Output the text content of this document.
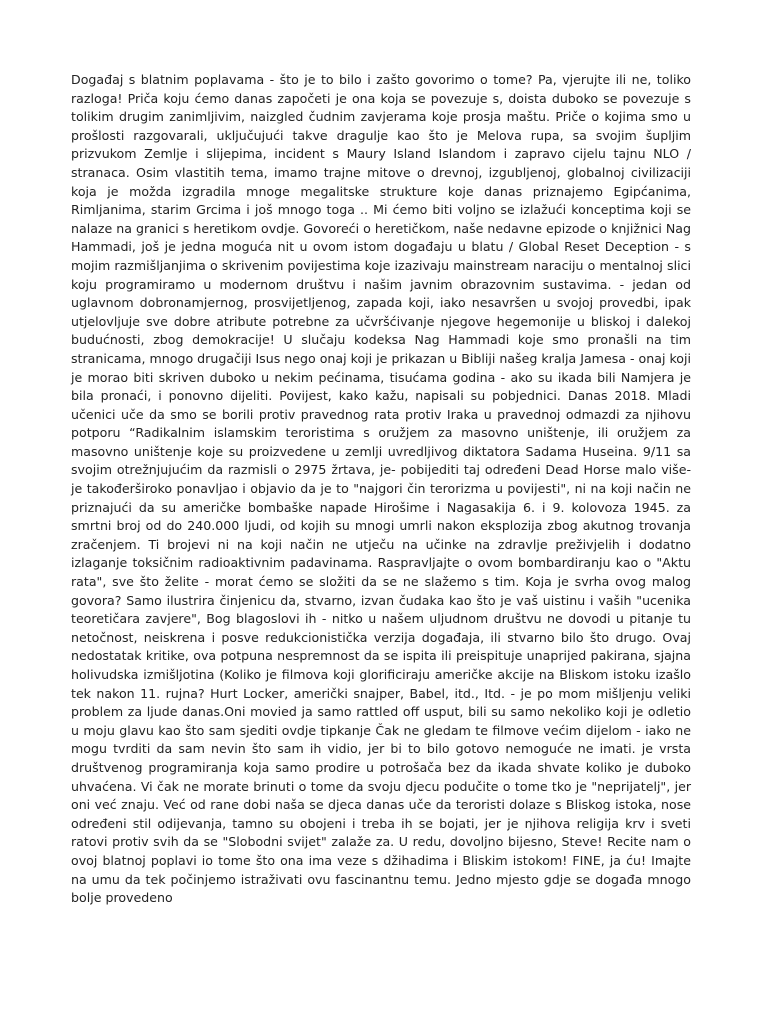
Događaj s blatnim poplavama - što je to bilo i zašto govorimo o tome? Pa, vjerujte ili ne, toliko razloga! Priča koju ćemo danas započeti je ona koja se povezuje s, doista duboko se povezuje s tolikim drugim zanimljivim, naizgled čudnim zavjerama koje prosja maštu. Priče o kojima smo u prošlosti razgovarali, uključujući takve dragulje kao što je Melova rupa, sa svojim šupljim prizvukom Zemlje i slijepima, incident s Maury Island Islandom i zapravo cijelu tajnu NLO / stranaca. Osim vlastitih tema, imamo trajne mitove o drevnoj, izgubljenoj, globalnoj civilizaciji koja je možda izgradila mnoge megalitske strukture koje danas priznajemo Egipćanima, Rimljanima, starim Grcima i još mnogo toga .. Mi ćemo biti voljno se izlažući konceptima koji se nalaze na granici s heretikom ovdje. Govoreći o heretičkom, naše nedavne epizode o knjižnici Nag Hammadi, još je jedna moguća nit u ovom istom događaju u blatu / Global Reset Deception - s mojim razmišljanjima o skrivenim povijestima koje izazivaju mainstream naraciju o mentalnoj slici koju programiramo u modernom društvu i našim javnim obrazovnim sustavima. - jedan od uglavnom dobronamjernog, prosvijetljenog, zapada koji, iako nesavršen u svojoj provedbi, ipak utjelovljuje sve dobre atribute potrebne za učvršćivanje njegove hegemonije u bliskoj i dalekoj budućnosti, zbog demokracije! U slučaju kodeksa Nag Hammadi koje smo pronašli na tim stranicama, mnogo drugačiji Isus nego onaj koji je prikazan u Bibliji našeg kralja Jamesa - onaj koji je morao biti skriven duboko u nekim pećinama, tisućama godina - ako su ikada bili Namjera je bila pronaći, i ponovno dijeliti. Povijest, kako kažu, napisali su pobjednici. Danas 2018. Mladi učenici uče da smo se borili protiv pravednog rata protiv Iraka u pravednoj odmazdi za njihovu potporu “Radikalnim islamskim teroristima s oružjem za masovno uništenje, ili oružjem za masovno uništenje koje su proizvedene u zemlji uvredljivog diktatora Sadama Huseina. 9/11 sa svojim otrežnjujućim da razmisli o 2975 žrtava, je- pobijediti taj određeni Dead Horse malo više- je takođerširoko ponavljao i objavio da je to "najgori čin terorizma u povijesti", ni na koji način ne priznajući da su američke bombaške napade Hirošime i Nagasakija 6. i 9. kolovoza 1945. za smrtni broj od do 240.000 ljudi, od kojih su mnogi umrli nakon eksplozija zbog akutnog trovanja zračenjem. Ti brojevi ni na koji način ne utječu na učinke na zdravlje preživjelih i dodatno izlaganje toksičnim radioaktivnim padavinama. Raspravljajte o ovom bombardiranju kao o "Aktu rata", sve što želite - morat ćemo se složiti da se ne slažemo s tim. Koja je svrha ovog malog govora? Samo ilustrira činjenicu da, stvarno, izvan čudaka kao što je vaš uistinu i vaših "ucenika teoretičara zavjere", Bog blagoslovi ih - nitko u našem uljudnom društvu ne dovodi u pitanje tu netočnost, neiskrena i posve redukcionistička verzija događaja, ili stvarno bilo što drugo. Ovaj nedostatak kritike, ova potpuna nespremnost da se ispita ili preispituje unaprijed pakirana, sjajna holivudska izmišljotina (Koliko je filmova koji glorificiraju američke akcije na Bliskom istoku izašlo tek nakon 11. rujna? Hurt Locker, američki snajper, Babel, itd., Itd. - je po mom mišljenju veliki problem za ljude danas.Oni movied ja samo rattled off usput, bili su samo nekoliko koji je odletio u moju glavu kao što sam sjediti ovdje tipkanje Čak ne gledam te filmove većim dijelom - iako ne mogu tvrditi da sam nevin što sam ih vidio, jer bi to bilo gotovo nemoguće ne imati. je vrsta društvenog programiranja koja samo prodire u potrošača bez da ikada shvate koliko je duboko uhvaćena. Vi čak ne morate brinuti o tome da svoju djecu podučite o tome tko je "neprijatelj", jer oni već znaju. Već od rane dobi naša se djeca danas uče da teroristi dolaze s Bliskog istoka, nose određeni stil odijevanja, tamno su obojeni i treba ih se bojati, jer je njihova religija krv i sveti ratovi protiv svih da se "Slobodni svijet" zalaže za. U redu, dovoljno bijesno, Steve! Recite nam o ovoj blatnoj poplavi io tome što ona ima veze s džihadima i Bliskim istokom! FINE, ja ću! Imajte na umu da tek počinjemo istraživati ovu fascinantnu temu. Jedno mjesto gdje se događa mnogo bolje provedeno
